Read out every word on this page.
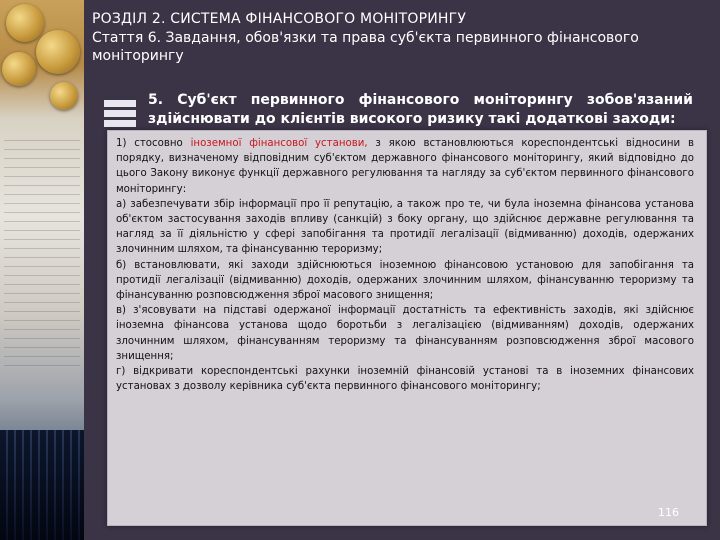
РОЗДІЛ 2. СИСТЕМА ФІНАНСОВОГО МОНІТОРИНГУ
Стаття 6. Завдання, обов'язки та права суб'єкта первинного фінансового моніторингу
5. Суб'єкт первинного фінансового моніторингу зобов'язаний здійснювати до клієнтів високого ризику такі додаткові заходи:

1) стосовно іноземної фінансової установи, з якою встановлюються кореспондентські відносини в порядку, визначеному відповідним суб'єктом державного фінансового моніторингу, який відповідно до цього Закону виконує функції державного регулювання та нагляду за суб'єктом первинного фінансового моніторингу:

а) забезпечувати збір інформації про її репутацію, а також про те, чи була іноземна фінансова установа об'єктом застосування заходів впливу (санкцій) з боку органу, що здійснює державне регулювання та нагляд за її діяльністю у сфері запобігання та протидії легалізації (відмиванню) доходів, одержаних злочинним шляхом, та фінансуванню тероризму;

б) встановлювати, які заходи здійснюються іноземною фінансовою установою для запобігання та протидії легалізації (відмиванню) доходів, одержаних злочинним шляхом, фінансуванню тероризму та фінансуванню розповсюдження зброї масового знищення;

в) з'ясовувати на підставі одержаної інформації достатність та ефективність заходів, які здійснює іноземна фінансова установа щодо боротьби з легалізацією (відмиванням) доходів, одержаних злочинним шляхом, фінансуванням тероризму та фінансуванням розповсюдження зброї масового знищення;

г) відкривати кореспондентські рахунки іноземній фінансовій установі та в іноземних фінансових установах з дозволу керівника суб'єкта первинного фінансового моніторингу;

116
